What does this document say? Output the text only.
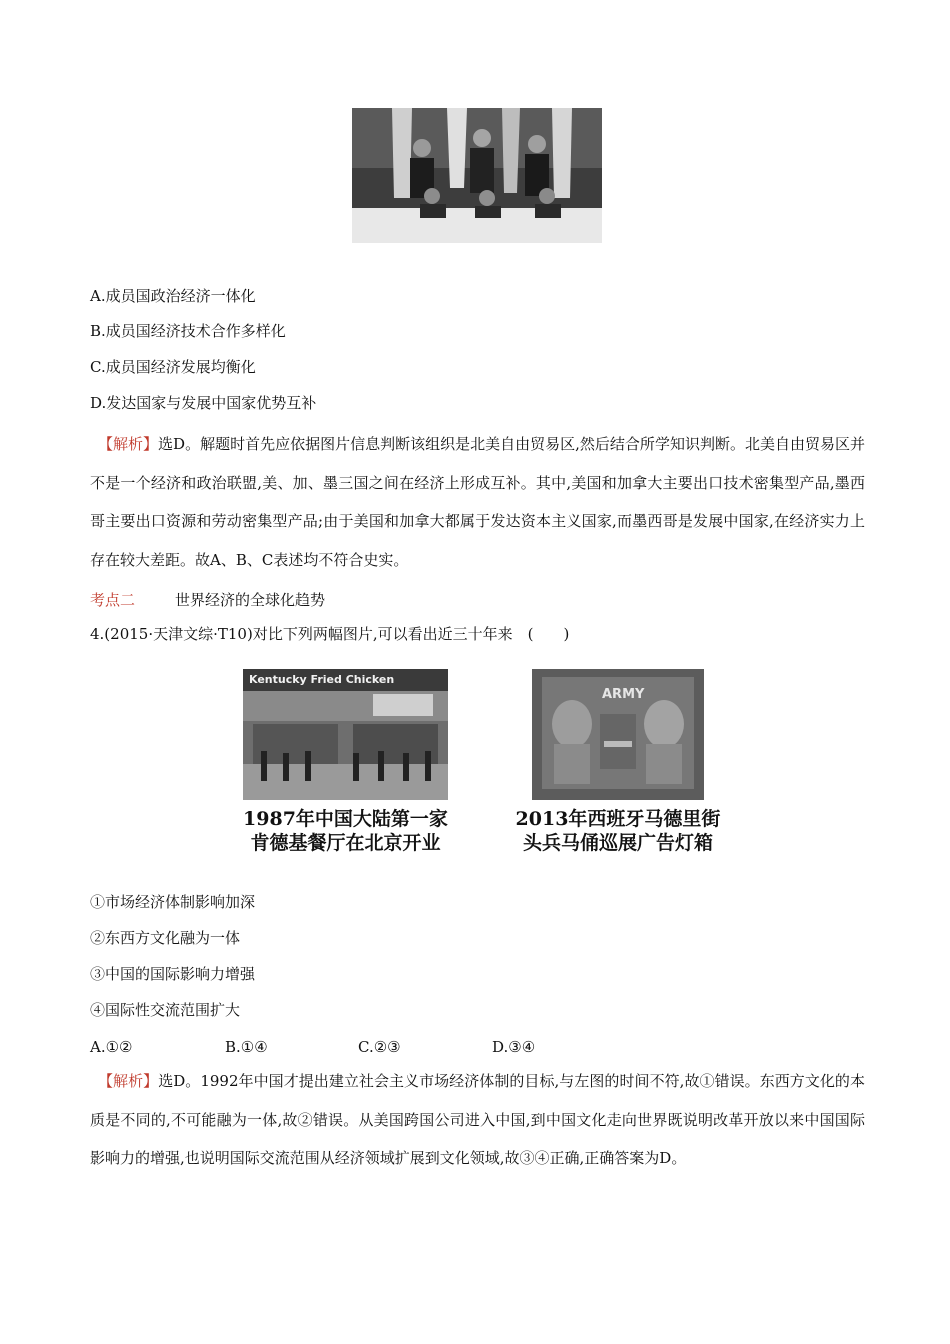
A.成员国政治经济一体化
B.成员国经济技术合作多样化
C.成员国经济发展均衡化
D.发达国家与发展中国家优势互补
【解析】选D。解题时首先应依据图片信息判断该组织是北美自由贸易区,然后结合所学知识判断。北美自由贸易区并不是一个经济和政治联盟,美、加、墨三国之间在经济上形成互补。其中,美国和加拿大主要出口技术密集型产品,墨西哥主要出口资源和劳动密集型产品;由于美国和加拿大都属于发达资本主义国家,而墨西哥是发展中国家,在经济实力上存在较大差距。故A、B、C表述均不符合史实。
考点二	世界经济的全球化趋势
4.(2015·天津文综·T10)对比下列两幅图片,可以看出近三十年来　(　　)
Kentucky Fried Chicken
1987年中国大陆第一家
肯德基餐厅在北京开业
ARMY
2013年西班牙马德里街
头兵马俑巡展广告灯箱
①市场经济体制影响加深
②东西方文化融为一体
③中国的国际影响力增强
④国际性交流范围扩大
A.①②	B.①④	C.②③	D.③④
【解析】选D。1992年中国才提出建立社会主义市场经济体制的目标,与左图的时间不符,故①错误。东西方文化的本质是不同的,不可能融为一体,故②错误。从美国跨国公司进入中国,到中国文化走向世界既说明改革开放以来中国国际影响力的增强,也说明国际交流范围从经济领域扩展到文化领域,故③④正确,正确答案为D。
